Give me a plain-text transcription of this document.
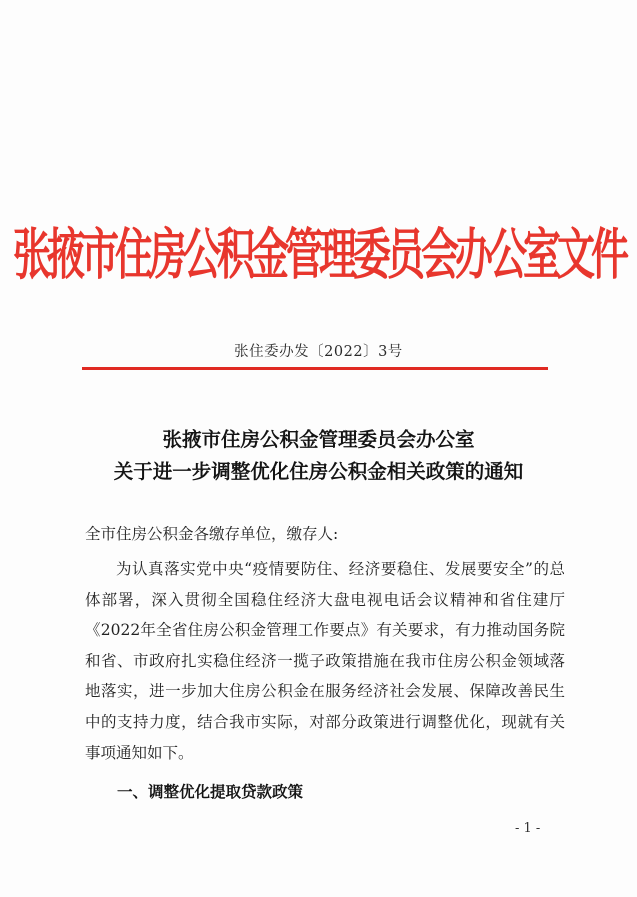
张掖市住房公积金管理委员会办公室文件
张住委办发〔2022〕3号
张掖市住房公积金管理委员会办公室
关于进一步调整优化住房公积金相关政策的通知
全市住房公积金各缴存单位，缴存人:

为认真落实党中央“疫情要防住、经济要稳住、发展要安全”的总体部署，深入贯彻全国稳住经济大盘电视电话会议精神和省住建厅《2022年全省住房公积金管理工作要点》有关要求，有力推动国务院和省、市政府扎实稳住经济一揽子政策措施在我市住房公积金领域落地落实，进一步加大住房公积金在服务经济社会发展、保障改善民生中的支持力度，结合我市实际，对部分政策进行调整优化，现就有关事项通知如下。

一、调整优化提取贷款政策
- 1 -
